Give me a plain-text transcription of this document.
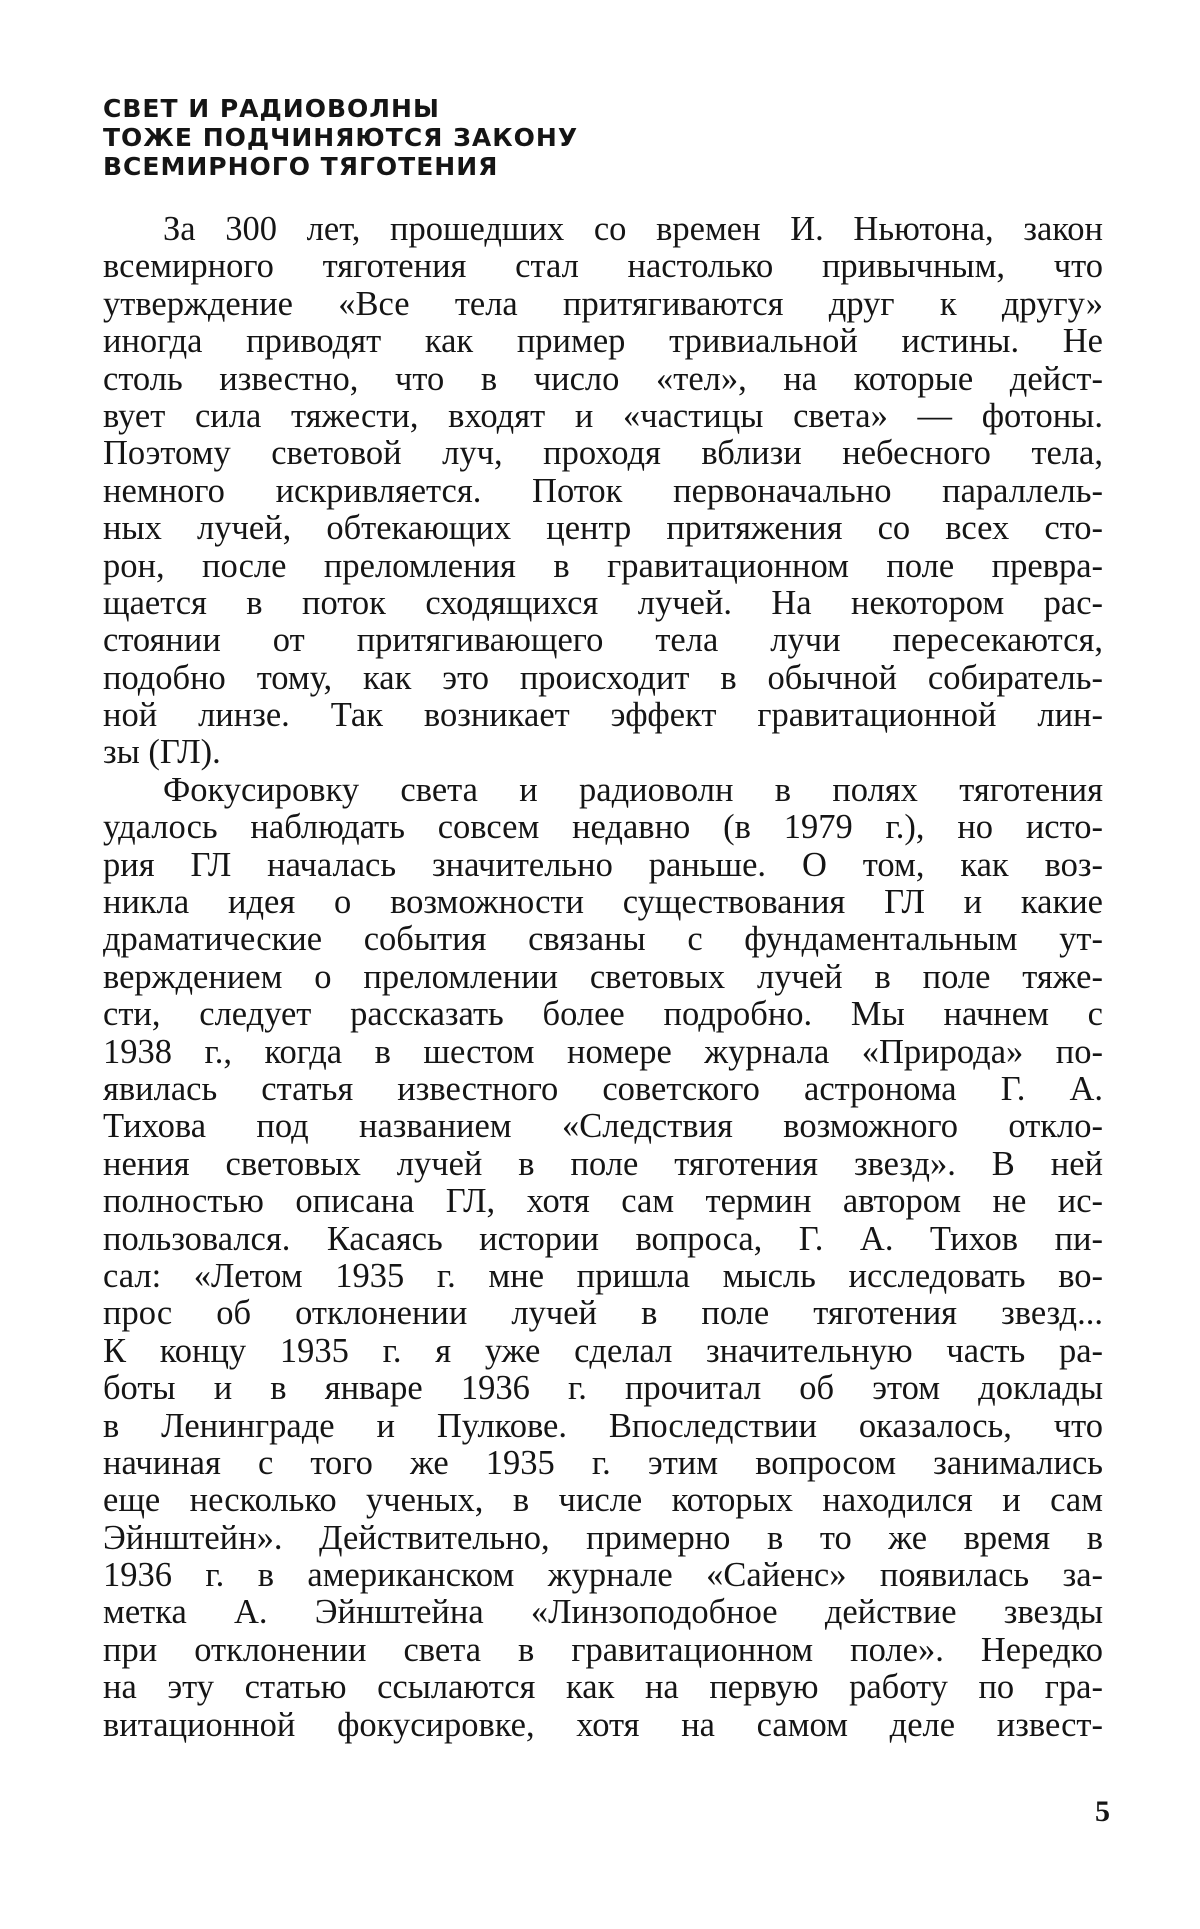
СВЕТ И РАДИОВОЛНЫ
ТОЖЕ ПОДЧИНЯЮТСЯ ЗАКОНУ
ВСЕМИРНОГО ТЯГОТЕНИЯ
За 300 лет, прошедших со времен И. Ньютона, закон
всемирного тяготения стал настолько привычным, что
утверждение «Все тела притягиваются друг к другу»
иногда приводят как пример тривиальной истины. Не
столь известно, что в число «тел», на которые дейст-
вует сила тяжести, входят и «частицы света» — фотоны.
Поэтому световой луч, проходя вблизи небесного тела,
немного искривляется. Поток первоначально параллель-
ных лучей, обтекающих центр притяжения со всех сто-
рон, после преломления в гравитационном поле превра-
щается в поток сходящихся лучей. На некотором рас-
стоянии от притягивающего тела лучи пересекаются,
подобно тому, как это происходит в обычной собиратель-
ной линзе. Так возникает эффект гравитационной лин-
зы (ГЛ).
Фокусировку света и радиоволн в полях тяготения
удалось наблюдать совсем недавно (в 1979 г.), но исто-
рия ГЛ началась значительно раньше. О том, как воз-
никла идея о возможности существования ГЛ и какие
драматические события связаны с фундаментальным ут-
верждением о преломлении световых лучей в поле тяже-
сти, следует рассказать более подробно. Мы начнем с
1938 г., когда в шестом номере журнала «Природа» по-
явилась статья известного советского астронома Г. А.
Тихова под названием «Следствия возможного откло-
нения световых лучей в поле тяготения звезд». В ней
полностью описана ГЛ, хотя сам термин автором не ис-
пользовался. Касаясь истории вопроса, Г. А. Тихов пи-
сал: «Летом 1935 г. мне пришла мысль исследовать во-
прос об отклонении лучей в поле тяготения звезд...
К концу 1935 г. я уже сделал значительную часть ра-
боты и в январе 1936 г. прочитал об этом доклады
в Ленинграде и Пулкове. Впоследствии оказалось, что
начиная с того же 1935 г. этим вопросом занимались
еще несколько ученых, в числе которых находился и сам
Эйнштейн». Действительно, примерно в то же время в
1936 г. в американском журнале «Сайенс» появилась за-
метка А. Эйнштейна «Линзоподобное действие звезды
при отклонении света в гравитационном поле». Нередко
на эту статью ссылаются как на первую работу по гра-
витационной фокусировке, хотя на самом деле извест-
5
